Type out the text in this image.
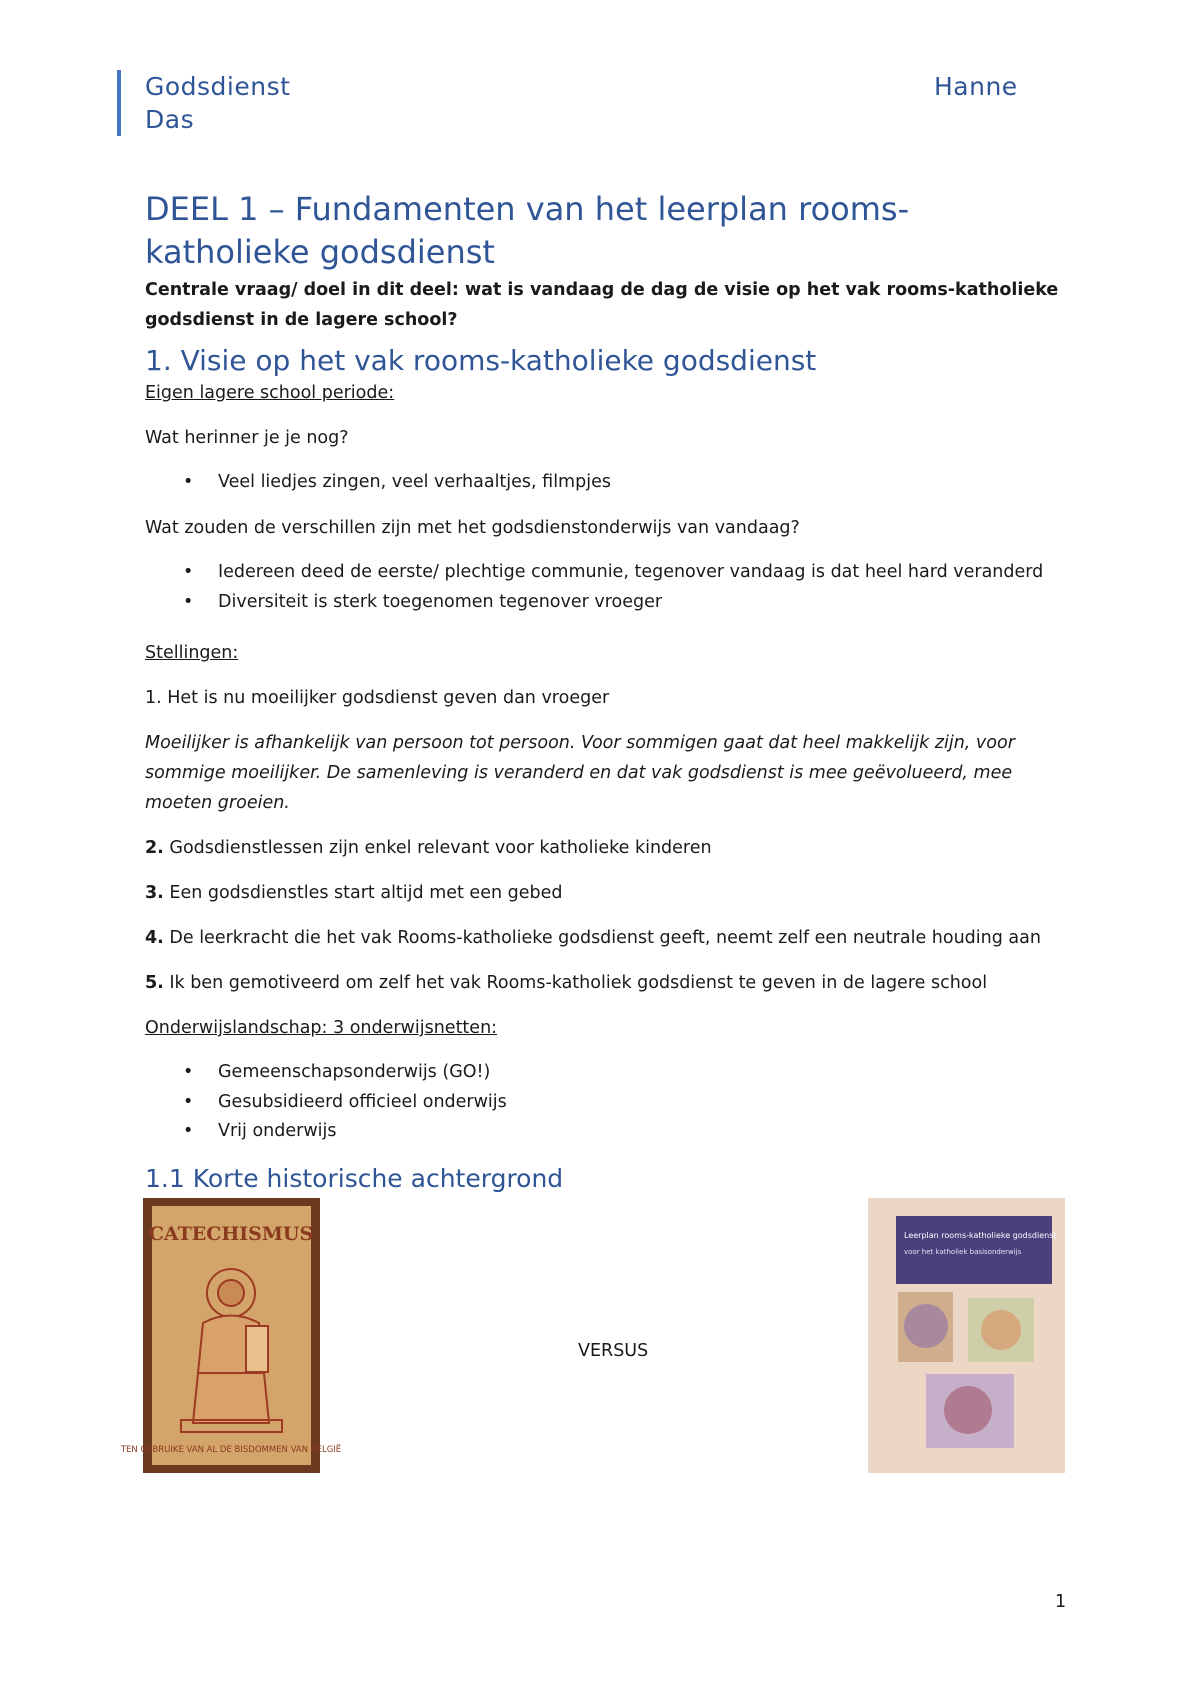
Godsdienst
Das
Hanne
DEEL 1 – Fundamenten van het leerplan rooms-
katholieke godsdienst

Centrale vraag/ doel in dit deel: wat is vandaag de dag de visie op het vak rooms-katholieke godsdienst in de lagere school?

1. Visie op het vak rooms-katholieke godsdienst

Eigen lagere school periode:

Wat herinner je je nog?

• Veel liedjes zingen, veel verhaaltjes, filmpjes

Wat zouden de verschillen zijn met het godsdienstonderwijs van vandaag?

• Iedereen deed de eerste/ plechtige communie, tegenover vandaag is dat heel hard veranderd
• Diversiteit is sterk toegenomen tegenover vroeger

Stellingen:

1. Het is nu moeilijker godsdienst geven dan vroeger

Moeilijker is afhankelijk van persoon tot persoon. Voor sommigen gaat dat heel makkelijk zijn, voor sommige moeilijker. De samenleving is veranderd en dat vak godsdienst is mee geëvolueerd, mee moeten groeien.

2. Godsdienstlessen zijn enkel relevant voor katholieke kinderen

3. Een godsdienstles start altijd met een gebed

4. De leerkracht die het vak Rooms-katholieke godsdienst geeft, neemt zelf een neutrale houding aan

5. Ik ben gemotiveerd om zelf het vak Rooms-katholiek godsdienst te geven in de lagere school

Onderwijslandschap: 3 onderwijsnetten:

• Gemeenschapsonderwijs (GO!)
• Gesubsidieerd officieel onderwijs
• Vrij onderwijs
1.1 Korte historische achtergrond
CATECHISMUS
TEN GEBRUIKE VAN AL DE BISDOMMEN VAN BELGIË
VERSUS
Leerplan rooms-katholieke godsdienst
voor het katholiek basisonderwijs
1
